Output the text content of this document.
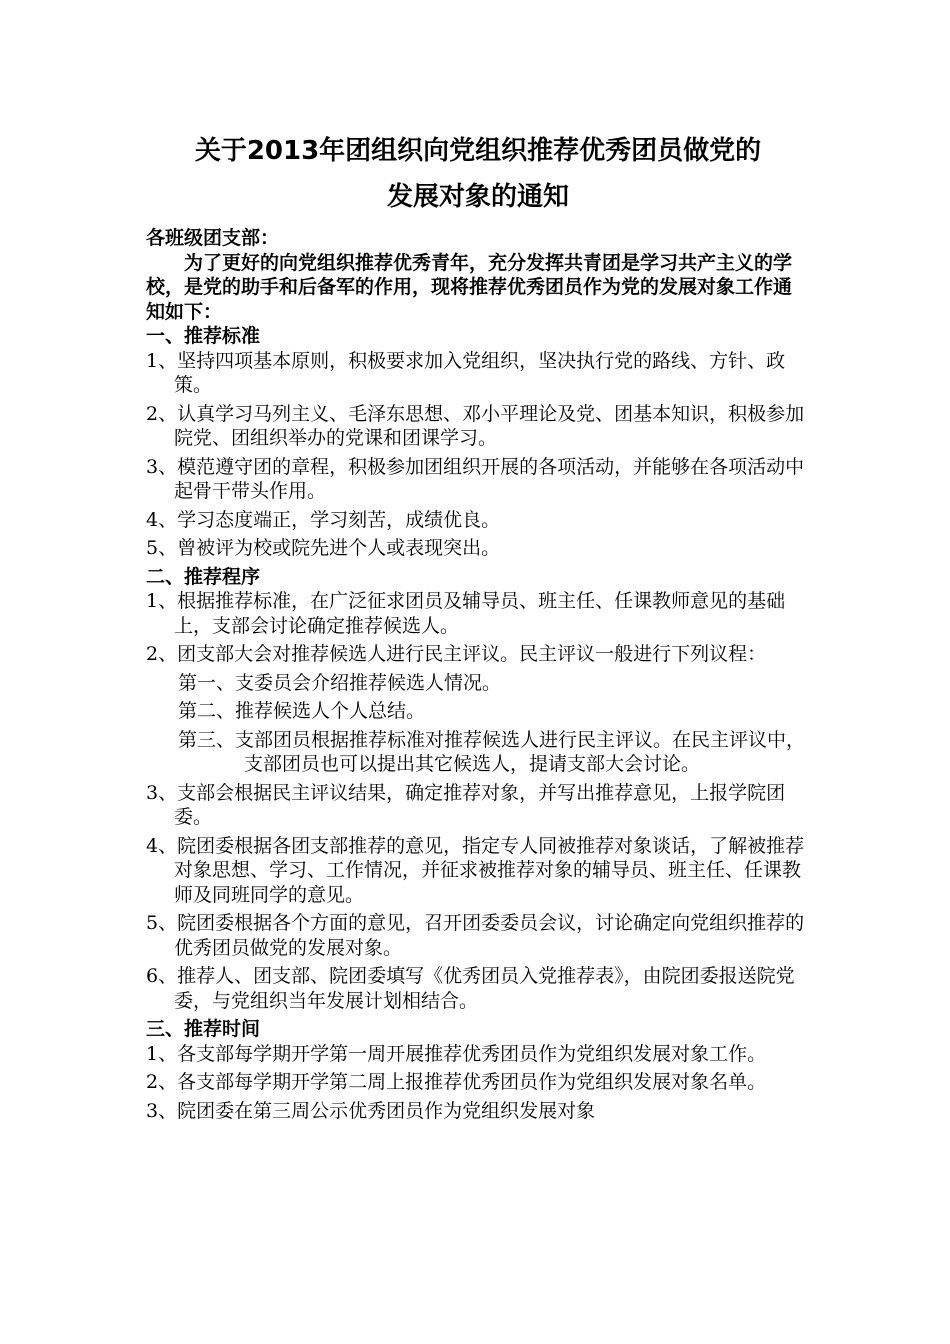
关于2013年团组织向党组织推荐优秀团员做党的
发展对象的通知

各班级团支部：

为了更好的向党组织推荐优秀青年，充分发挥共青团是学习共产主义的学校，是党的助手和后备军的作用，现将推荐优秀团员作为党的发展对象工作通知如下：

一、推荐标准

1、坚持四项基本原则，积极要求加入党组织，坚决执行党的路线、方针、政策。

2、认真学习马列主义、毛泽东思想、邓小平理论及党、团基本知识，积极参加院党、团组织举办的党课和团课学习。

3、模范遵守团的章程，积极参加团组织开展的各项活动，并能够在各项活动中起骨干带头作用。

4、学习态度端正，学习刻苦，成绩优良。

5、曾被评为校或院先进个人或表现突出。

二、推荐程序

1、根据推荐标准，在广泛征求团员及辅导员、班主任、任课教师意见的基础上，支部会讨论确定推荐候选人。

2、团支部大会对推荐候选人进行民主评议。民主评议一般进行下列议程：

第一、支委员会介绍推荐候选人情况。

第二、推荐候选人个人总结。

第三、支部团员根据推荐标准对推荐候选人进行民主评议。在民主评议中，支部团员也可以提出其它候选人，提请支部大会讨论。

3、支部会根据民主评议结果，确定推荐对象，并写出推荐意见，上报学院团委。

4、院团委根据各团支部推荐的意见，指定专人同被推荐对象谈话，了解被推荐对象思想、学习、工作情况，并征求被推荐对象的辅导员、班主任、任课教师及同班同学的意见。

5、院团委根据各个方面的意见，召开团委委员会议，讨论确定向党组织推荐的优秀团员做党的发展对象。

6、推荐人、团支部、院团委填写《优秀团员入党推荐表》，由院团委报送院党委，与党组织当年发展计划相结合。

三、推荐时间

1、各支部每学期开学第一周开展推荐优秀团员作为党组织发展对象工作。

2、各支部每学期开学第二周上报推荐优秀团员作为党组织发展对象名单。

3、院团委在第三周公示优秀团员作为党组织发展对象
